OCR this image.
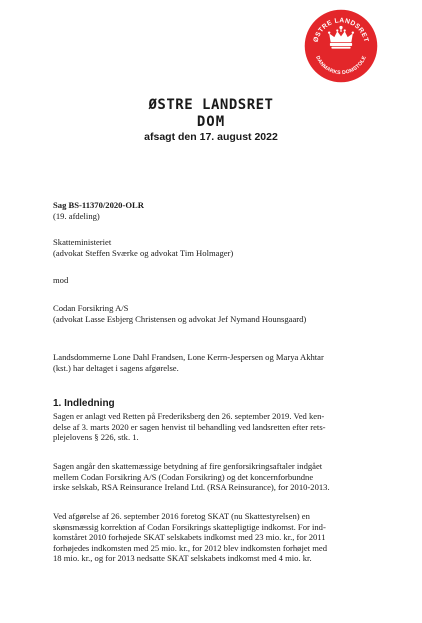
ØSTRE LANDSRET
DANMARKS DOMSTOLE
ØSTRE LANDSRET
DOM
afsagt den 17. august 2022

Sag BS-11370/2020-OLR

(19. afdeling)

Skatteministeriet

(advokat Steffen Sværke og advokat Tim Holmager)

mod

Codan Forsikring A/S

(advokat Lasse Esbjerg Christensen og advokat Jef Nymand Hounsgaard)

Landsdommerne Lone Dahl Frandsen, Lone Kerrn-Jespersen og Marya Akhtar

(kst.) har deltaget i sagens afgørelse.

1. Indledning

Sagen er anlagt ved Retten på Frederiksberg den 26. september 2019. Ved ken-

delse af 3. marts 2020 er sagen henvist til behandling ved landsretten efter rets-

plejelovens § 226, stk. 1.

Sagen angår den skattemæssige betydning af fire genforsikringsaftaler indgået

mellem Codan Forsikring A/S (Codan Forsikring) og det koncernforbundne

irske selskab, RSA Reinsurance Ireland Ltd. (RSA Reinsurance), for 2010-2013.

Ved afgørelse af 26. september 2016 foretog SKAT (nu Skattestyrelsen) en

skønsmæssig korrektion af Codan Forsikrings skattepligtige indkomst. For ind-

komståret 2010 forhøjede SKAT selskabets indkomst med 23 mio. kr., for 2011

forhøjedes indkomsten med 25 mio. kr., for 2012 blev indkomsten forhøjet med

18 mio. kr., og for 2013 nedsatte SKAT selskabets indkomst med 4 mio. kr.
